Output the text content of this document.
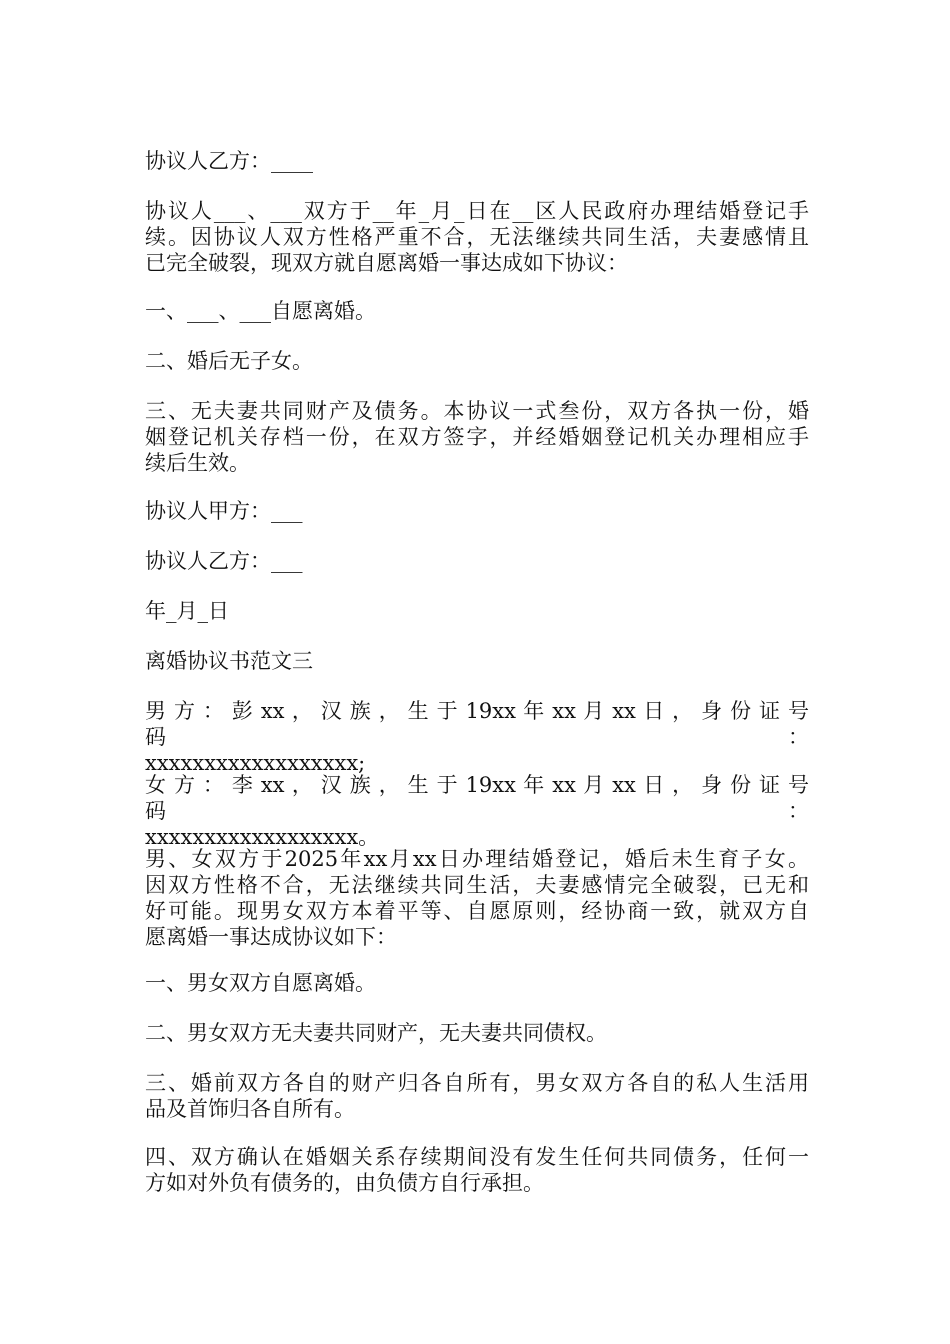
协议人乙方：____

协议人___、___双方于__年_月_日在__区人民政府办理结婚登记手
续。因协议人双方性格严重不合，无法继续共同生活，夫妻感情且
已完全破裂，现双方就自愿离婚一事达成如下协议：

一、___、___自愿离婚。

二、婚后无子女。

三、无夫妻共同财产及债务。本协议一式叁份，双方各执一份，婚
姻登记机关存档一份，在双方签字，并经婚姻登记机关办理相应手
续后生效。

协议人甲方：___

协议人乙方：___

年_月_日

离婚协议书范文三

男 方 ： 彭 xx ， 汉 族 ， 生 于 19xx 年 xx 月 xx 日 ， 身 份 证 号 码 ：
xxxxxxxxxxxxxxxxxx;

女 方 ： 李 xx ， 汉 族 ， 生 于 19xx 年 xx 月 xx 日 ， 身 份 证 号 码 ：
xxxxxxxxxxxxxxxxxx。

男、女双方于2025年xx月xx日办理结婚登记，婚后未生育子女。
因双方性格不合，无法继续共同生活，夫妻感情完全破裂，已无和
好可能。现男女双方本着平等、自愿原则，经协商一致，就双方自
愿离婚一事达成协议如下：

一、男女双方自愿离婚。

二、男女双方无夫妻共同财产，无夫妻共同债权。

三、婚前双方各自的财产归各自所有，男女双方各自的私人生活用
品及首饰归各自所有。

四、双方确认在婚姻关系存续期间没有发生任何共同债务，任何一
方如对外负有债务的，由负债方自行承担。
